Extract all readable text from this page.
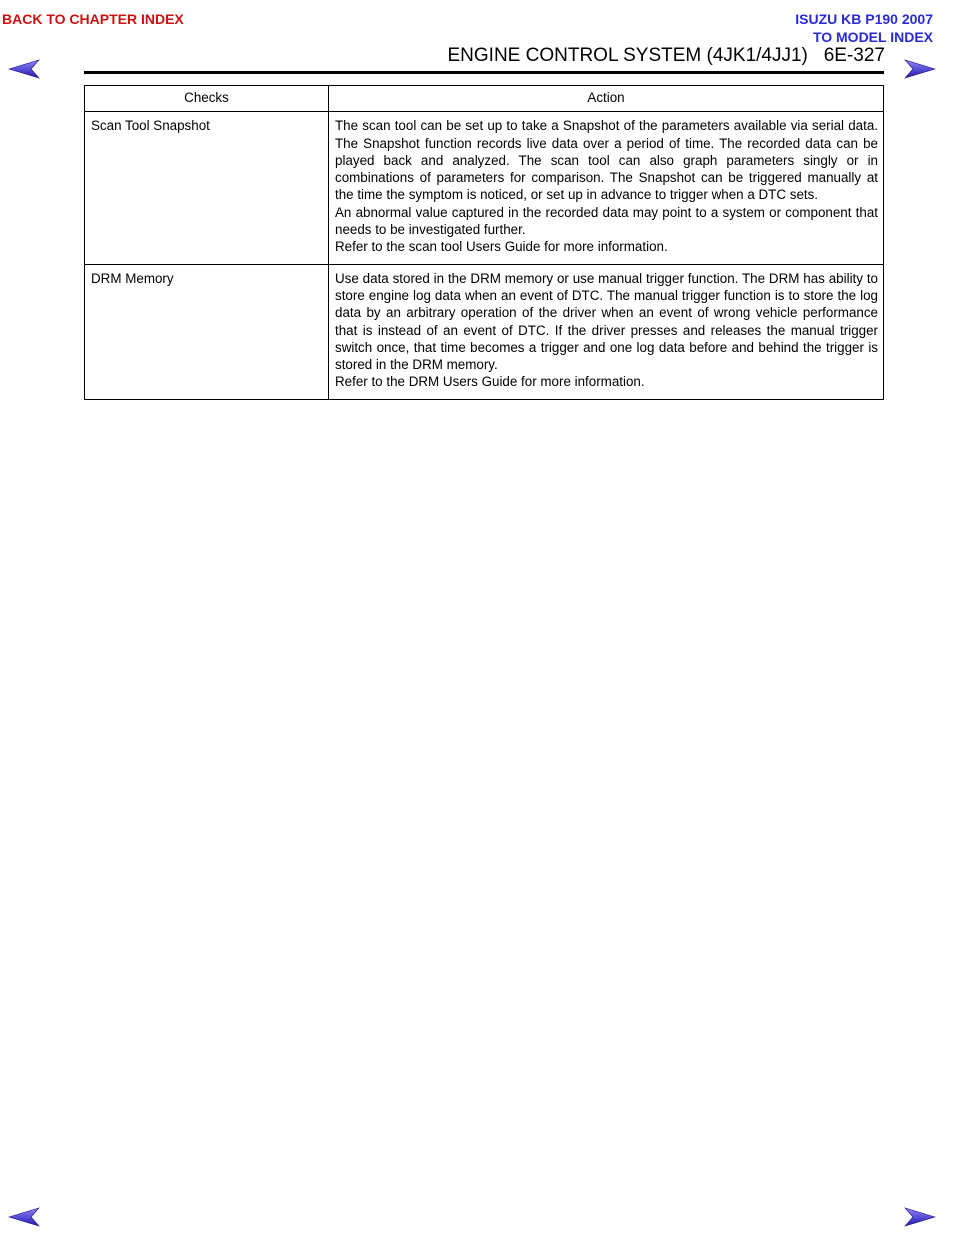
BACK TO CHAPTER INDEX	ISUZU KB P190 2007
TO MODEL INDEX
ENGINE CONTROL SYSTEM (4JK1/4JJ1) 6E-327
Checks	Action
Scan Tool Snapshot	The scan tool can be set up to take a Snapshot of the parameters available via serial data. The Snapshot function records live data over a period of time. The recorded data can be played back and analyzed. The scan tool can also graph parameters singly or in combinations of parameters for comparison. The Snapshot can be triggered manually at the time the symptom is noticed, or set up in advance to trigger when a DTC sets.
An abnormal value captured in the recorded data may point to a system or component that needs to be investigated further.
Refer to the scan tool Users Guide for more information.

DRM Memory	Use data stored in the DRM memory or use manual trigger function. The DRM has ability to store engine log data when an event of DTC. The manual trigger function is to store the log data by an arbitrary operation of the driver when an event of wrong vehicle performance that is instead of an event of DTC. If the driver presses and releases the manual trigger switch once, that time becomes a trigger and one log data before and behind the trigger is stored in the DRM memory.
Refer to the DRM Users Guide for more information.
